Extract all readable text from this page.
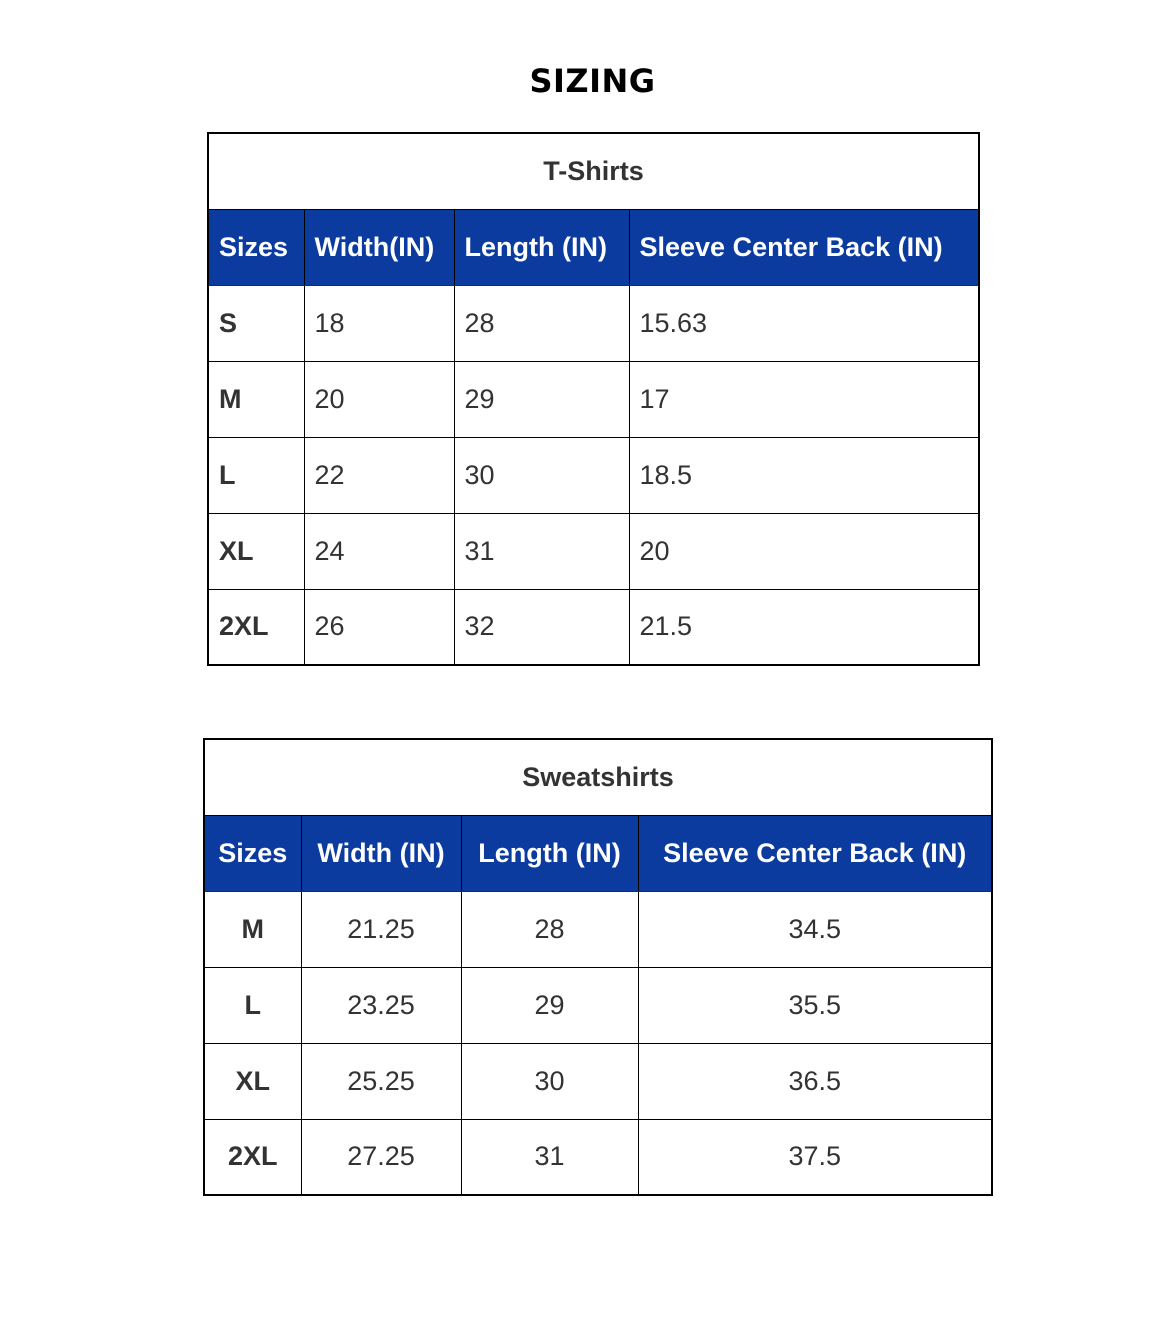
SIZING
T-Shirts			
Sizes	Width(IN)	Length (IN)	Sleeve Center Back (IN)
S	18	28	15.63
M	20	29	17
L	22	30	18.5
XL	24	31	20
2XL	26	32	21.5
Sweatshirts			
Sizes	Width (IN)	Length (IN)	Sleeve Center Back (IN)
M	21.25	28	34.5
L	23.25	29	35.5
XL	25.25	30	36.5
2XL	27.25	31	37.5
